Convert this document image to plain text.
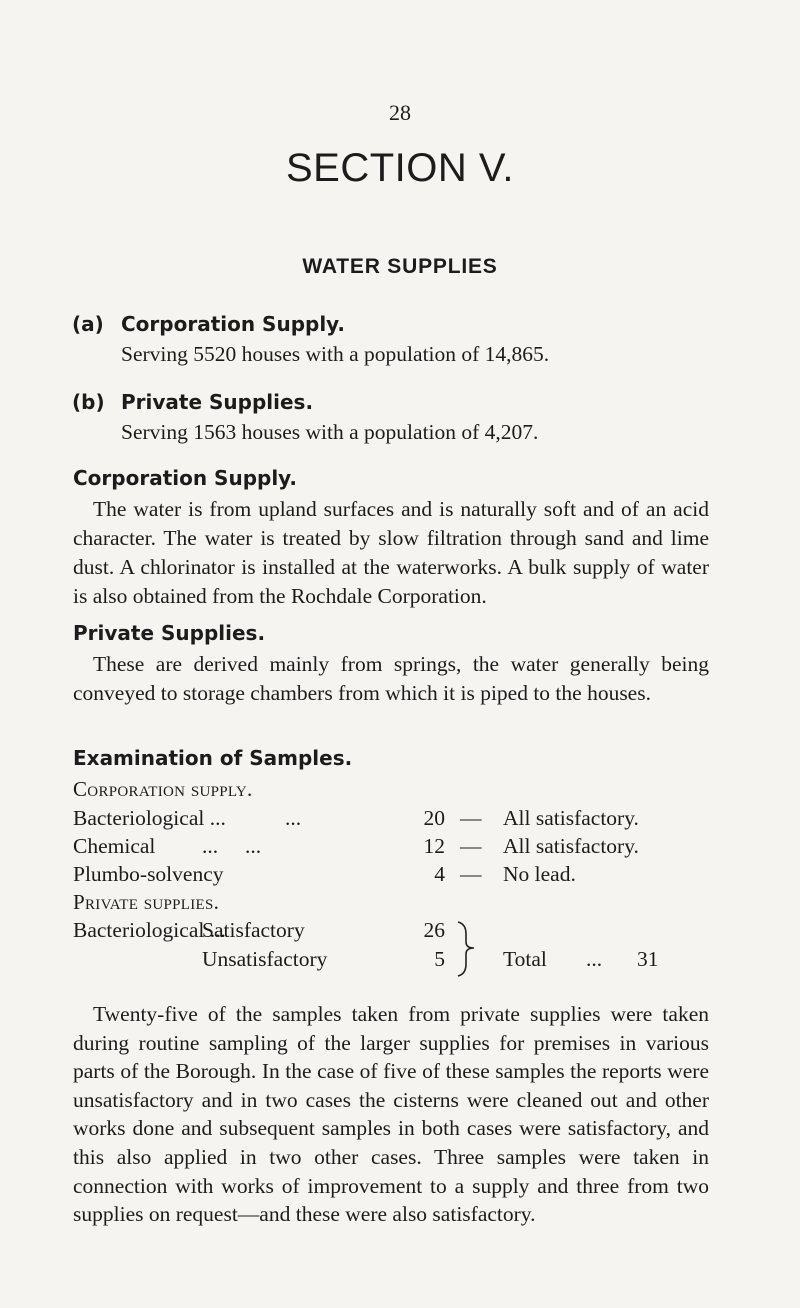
28
SECTION V.
WATER SUPPLIES
(a) Corporation Supply.
Serving 5520 houses with a population of 14,865.
(b) Private Supplies.
Serving 1563 houses with a population of 4,207.
Corporation Supply.

The water is from upland surfaces and is naturally soft and of an acid character. The water is treated by slow filtration through sand and lime dust. A chlorinator is installed at the waterworks. A bulk supply of water is also obtained from the Rochdale Corporation.

Private Supplies.

These are derived mainly from springs, the water generally being conveyed to storage chambers from which it is piped to the houses.

Examination of Samples.
Corporation supply.
Bacteriological ...	...	20 — All satisfactory.
Chemical ...     ...	12 — All satisfactory.
Plumbo-solvency	4 — No lead.
Private supplies.
Bacteriological ...
Satisfactory	26
Unsatisfactory	5	Total ... 31

Twenty-five of the samples taken from private supplies were taken during routine sampling of the larger supplies for premises in various parts of the Borough. In the case of five of these samples the reports were unsatisfactory and in two cases the cisterns were cleaned out and other works done and subsequent samples in both cases were satisfactory, and this also applied in two other cases. Three samples were taken in connection with works of improvement to a supply and three from two supplies on request—and these were also satisfactory.
